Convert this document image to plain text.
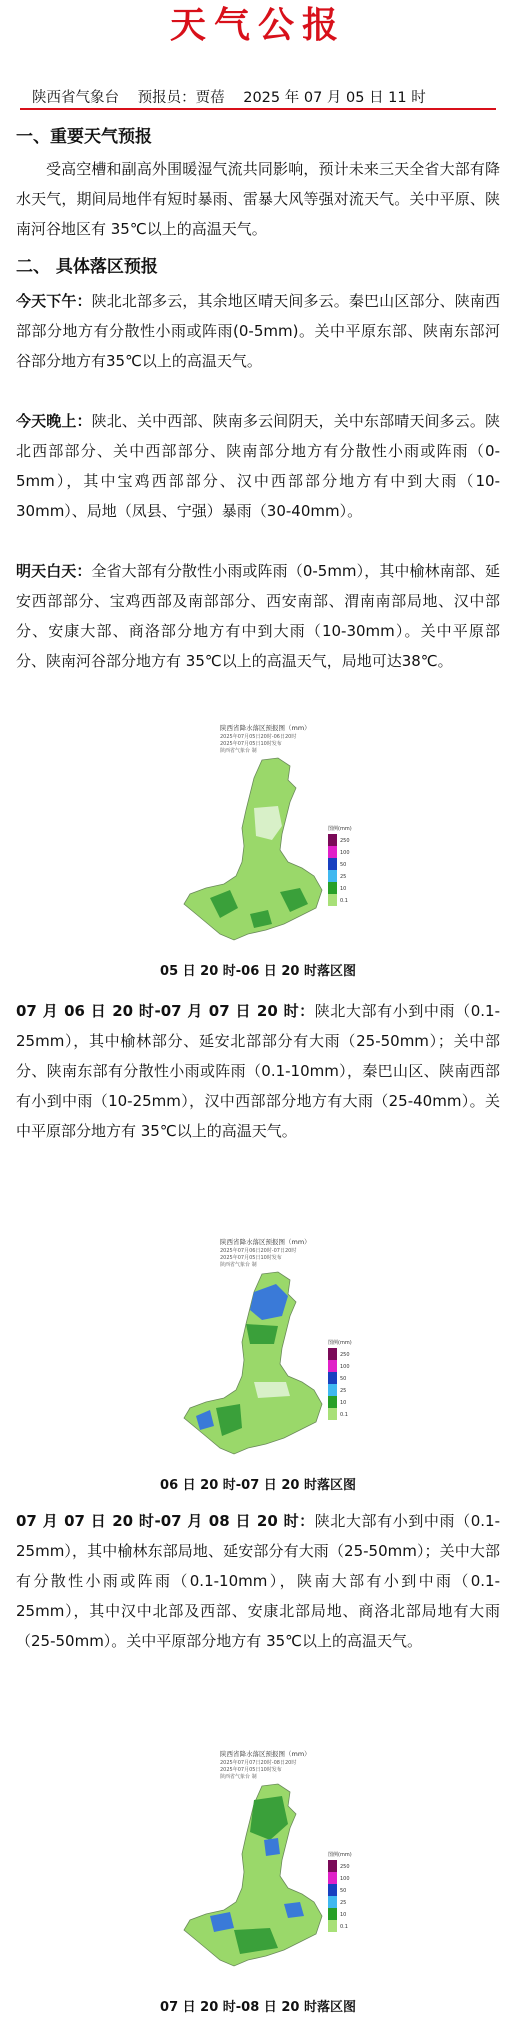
天气公报
陕西省气象台 预报员：贾蓓 2025 年 07 月 05 日 11 时
一、重要天气预报
受高空槽和副高外围暖湿气流共同影响，预计未来三天全省大部有降水天气，期间局地伴有短时暴雨、雷暴大风等强对流天气。关中平原、陕南河谷地区有 35℃以上的高温天气。
二、 具体落区预报
今天下午：陕北北部多云，其余地区晴天间多云。秦巴山区部分、陕南西部部分地方有分散性小雨或阵雨(0-5mm)。关中平原东部、陕南东部河谷部分地方有35℃以上的高温天气。
今天晚上：陕北、关中西部、陕南多云间阴天，关中东部晴天间多云。陕北西部部分、关中西部部分、陕南部分地方有分散性小雨或阵雨（0-5mm），其中宝鸡西部部分、汉中西部部分地方有中到大雨（10-30mm）、局地（凤县、宁强）暴雨（30-40mm）。
明天白天：全省大部有分散性小雨或阵雨（0-5mm），其中榆林南部、延安西部部分、宝鸡西部及南部部分、西安南部、渭南南部局地、汉中部分、安康大部、商洛部分地方有中到大雨（10-30mm）。关中平原部分、陕南河谷部分地方有 35℃以上的高温天气，局地可达38℃。
陕西省降水落区预报图（mm）
2025年07月05日20时-06日20时
2025年07月05日10时发布
陕西省气象台 制
图例(mm)
250
100
50
25
10
0.1
05 日 20 时-06 日 20 时落区图
07 月 06 日 20 时-07 月 07 日 20 时：陕北大部有小到中雨（0.1-25mm），其中榆林部分、延安北部部分有大雨（25-50mm）；关中部分、陕南东部有分散性小雨或阵雨（0.1-10mm），秦巴山区、陕南西部有小到中雨（10-25mm），汉中西部部分地方有大雨（25-40mm）。关中平原部分地方有 35℃以上的高温天气。
陕西省降水落区预报图（mm）
2025年07月06日20时-07日20时
2025年07月05日10时发布
陕西省气象台 制
图例(mm)
250
100
50
25
10
0.1
06 日 20 时-07 日 20 时落区图
07 月 07 日 20 时-07 月 08 日 20 时：陕北大部有小到中雨（0.1-25mm），其中榆林东部局地、延安部分有大雨（25-50mm）；关中大部有分散性小雨或阵雨（0.1-10mm），陕南大部有小到中雨（0.1-25mm），其中汉中北部及西部、安康北部局地、商洛北部局地有大雨（25-50mm）。关中平原部分地方有 35℃以上的高温天气。
陕西省降水落区预报图（mm）
2025年07月07日20时-08日20时
2025年07月05日10时发布
陕西省气象台 制
图例(mm)
250
100
50
25
10
0.1
07 日 20 时-08 日 20 时落区图
